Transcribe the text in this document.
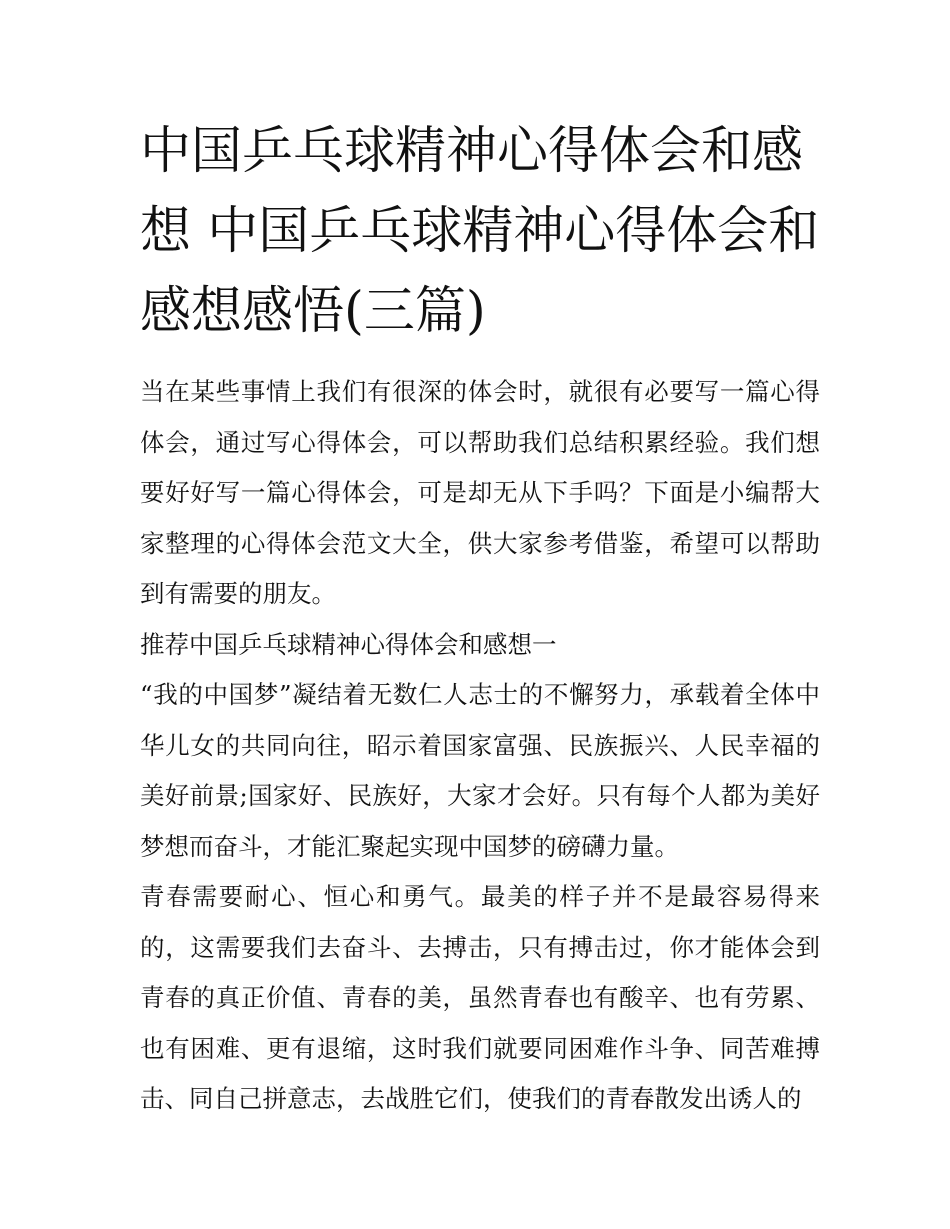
中国乒乓球精神心得体会和感想 中国乒乓球精神心得体会和感想感悟(三篇)

当在某些事情上我们有很深的体会时，就很有必要写一篇心得体会，通过写心得体会，可以帮助我们总结积累经验。我们想要好好写一篇心得体会，可是却无从下手吗？下面是小编帮大家整理的心得体会范文大全，供大家参考借鉴，希望可以帮助到有需要的朋友。

推荐中国乒乓球精神心得体会和感想一

“我的中国梦”凝结着无数仁人志士的不懈努力，承载着全体中华儿女的共同向往，昭示着国家富强、民族振兴、人民幸福的美好前景;国家好、民族好，大家才会好。只有每个人都为美好梦想而奋斗，才能汇聚起实现中国梦的磅礴力量。

青春需要耐心、恒心和勇气。最美的样子并不是最容易得来的，这需要我们去奋斗、去搏击，只有搏击过，你才能体会到青春的真正价值、青春的美，虽然青春也有酸辛、也有劳累、也有困难、更有退缩，这时我们就要同困难作斗争、同苦难搏击、同自己拼意志，去战胜它们，使我们的青春散发出诱人的
